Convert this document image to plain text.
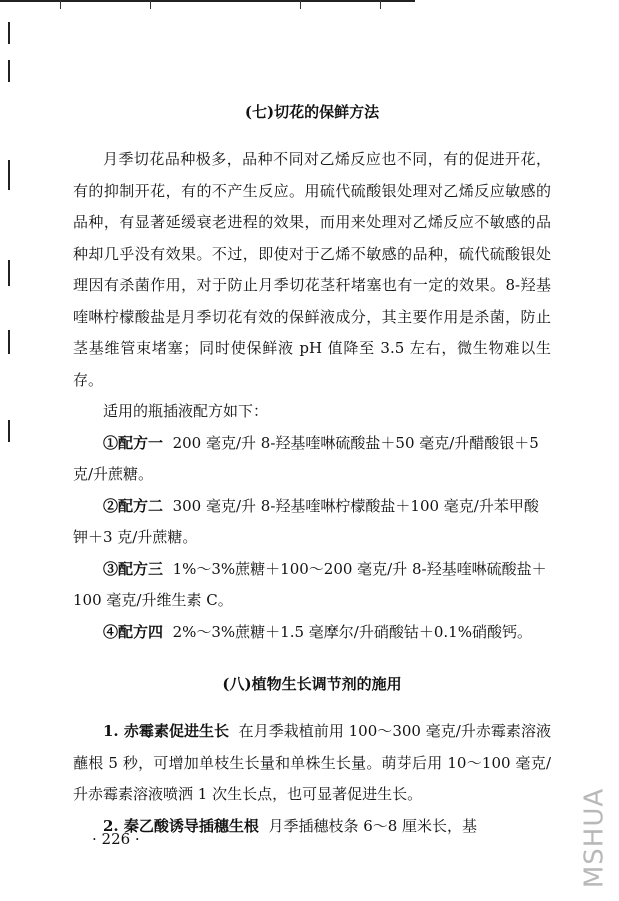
(七)切花的保鲜方法

月季切花品种极多，品种不同对乙烯反应也不同，有的促进开花，有的抑制开花，有的不产生反应。用硫代硫酸银处理对乙烯反应敏感的品种，有显著延缓衰老进程的效果，而用来处理对乙烯反应不敏感的品种却几乎没有效果。不过，即使对于乙烯不敏感的品种，硫代硫酸银处理因有杀菌作用，对于防止月季切花茎秆堵塞也有一定的效果。8-羟基喹啉柠檬酸盐是月季切花有效的保鲜液成分，其主要作用是杀菌，防止茎基维管束堵塞；同时使保鲜液 pH 值降至 3.5 左右，微生物难以生存。

适用的瓶插液配方如下：

①配方一 200 毫克/升 8-羟基喹啉硫酸盐＋50 毫克/升醋酸银＋5 克/升蔗糖。

②配方二 300 毫克/升 8-羟基喹啉柠檬酸盐＋100 毫克/升苯甲酸钾＋3 克/升蔗糖。

③配方三 1%～3%蔗糖＋100～200 毫克/升 8-羟基喹啉硫酸盐＋100 毫克/升维生素 C。

④配方四 2%～3%蔗糖＋1.5 毫摩尔/升硝酸钴＋0.1%硝酸钙。

(八)植物生长调节剂的施用

1. 赤霉素促进生长 在月季栽植前用 100～300 毫克/升赤霉素溶液蘸根 5 秒，可增加单枝生长量和单株生长量。萌芽后用 10～100 毫克/升赤霉素溶液喷洒 1 次生长点，也可显著促进生长。

2. 秦乙酸诱导插穗生根 月季插穗枝条 6～8 厘米长，基

· 226 ·	MSHUA
